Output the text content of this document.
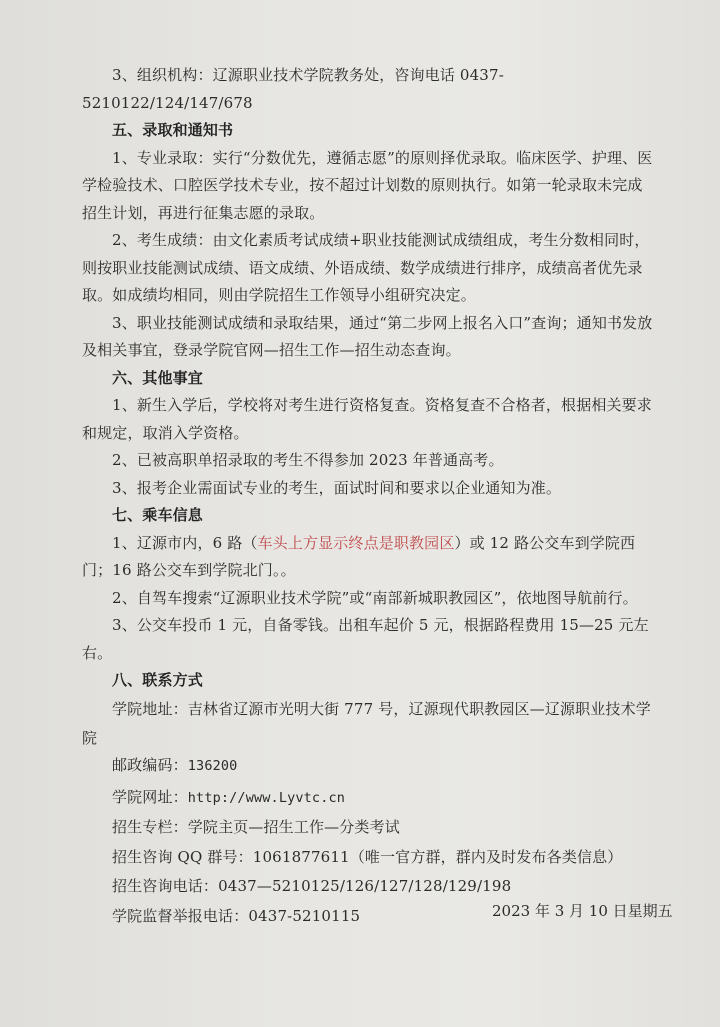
3、组织机构：辽源职业技术学院教务处，咨询电话 0437-5210122/124/147/678

五、录取和通知书

1、专业录取：实行“分数优先，遵循志愿”的原则择优录取。临床医学、护理、医学检验技术、口腔医学技术专业，按不超过计划数的原则执行。如第一轮录取未完成招生计划，再进行征集志愿的录取。

2、考生成绩：由文化素质考试成绩+职业技能测试成绩组成，考生分数相同时，则按职业技能测试成绩、语文成绩、外语成绩、数学成绩进行排序，成绩高者优先录取。如成绩均相同，则由学院招生工作领导小组研究决定。

3、职业技能测试成绩和录取结果，通过“第二步网上报名入口”查询；通知书发放及相关事宜，登录学院官网—招生工作—招生动态查询。

六、其他事宜

1、新生入学后，学校将对考生进行资格复查。资格复查不合格者，根据相关要求和规定，取消入学资格。

2、已被高职单招录取的考生不得参加 2023 年普通高考。

3、报考企业需面试专业的考生，面试时间和要求以企业通知为准。

七、乘车信息

1、辽源市内，6 路（车头上方显示终点是职教园区）或 12 路公交车到学院西门；16 路公交车到学院北门。。

2、自驾车搜索“辽源职业技术学院”或“南部新城职教园区”，依地图导航前行。

3、公交车投币 1 元，自备零钱。出租车起价 5 元，根据路程费用 15—25 元左右。

八、联系方式

学院地址：吉林省辽源市光明大街 777 号，辽源现代职教园区—辽源职业技术学院

邮政编码：136200

学院网址：http://www.Lyvtc.cn

招生专栏：学院主页—招生工作—分类考试

招生咨询 QQ 群号：1061877611（唯一官方群，群内及时发布各类信息）

招生咨询电话：0437—5210125/126/127/128/129/198

学院监督举报电话：0437-5210115	2023 年 3 月 10 日星期五
